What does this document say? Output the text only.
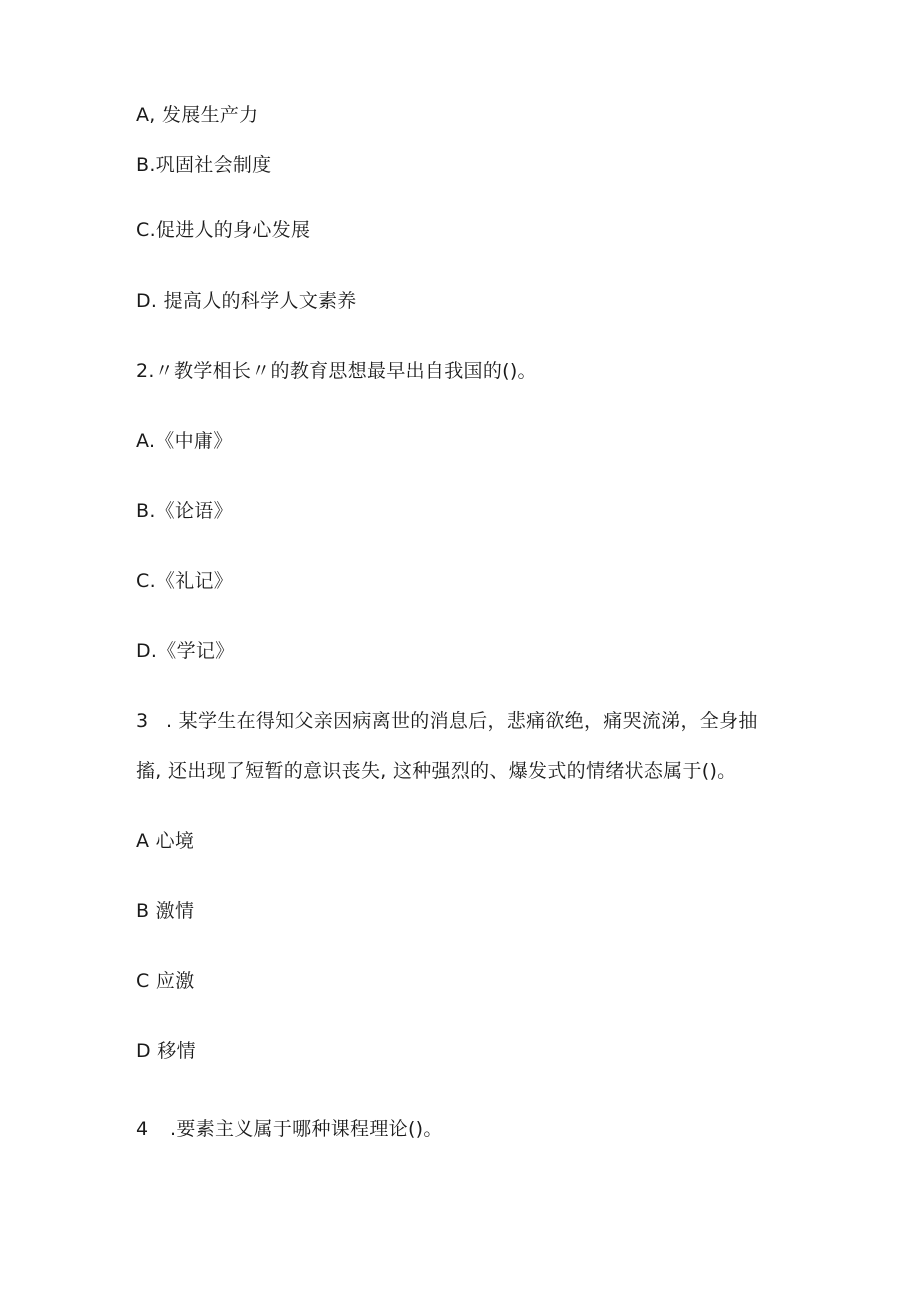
A, 发展生产力
B.巩固社会制度
C.促进人的身心发展
D. 提高人的科学人文素养
2.〃教学相长〃的教育思想最早出自我国的()。
A.《中庸》
B.《论语》
C.《礼记》
D.《学记》
3 . 某学生在得知父亲因病离世的消息后，悲痛欲绝，痛哭流涕，全身抽
搐, 还出现了短暂的意识丧失, 这种强烈的、爆发式的情绪状态属于()。
A 心境
B 激情
C 应激
D 移情
4 .要素主义属于哪种课程理论()。
